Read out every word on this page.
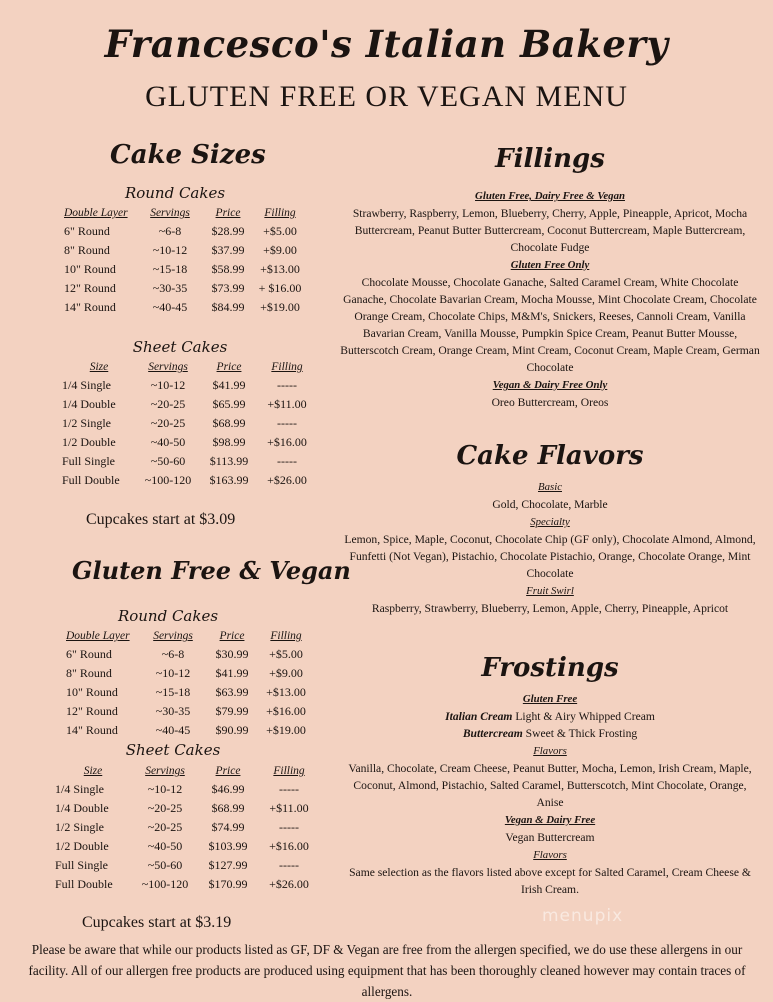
Francesco's Italian Bakery
GLUTEN FREE OR VEGAN MENU
Cake Sizes
Round Cakes
Double Layer	Servings	Price	Filling
6" Round	~6-8	$28.99	+$5.00
8" Round	~10-12	$37.99	+$9.00
10" Round	~15-18	$58.99	+$13.00
12" Round	~30-35	$73.99	+ $16.00
14" Round	~40-45	$84.99	+$19.00
Sheet Cakes
Size	Servings	Price	Filling
1/4 Single	~10-12	$41.99	-----
1/4 Double	~20-25	$65.99	+$11.00
1/2 Single	~20-25	$68.99	-----
1/2 Double	~40-50	$98.99	+$16.00
Full Single	~50-60	$113.99	-----
Full Double	~100-120	$163.99	+$26.00
Cupcakes start at $3.09
Gluten Free & Vegan
Round Cakes
Double Layer	Servings	Price	Filling
6" Round	~6-8	$30.99	+$5.00
8" Round	~10-12	$41.99	+$9.00
10" Round	~15-18	$63.99	+$13.00
12" Round	~30-35	$79.99	+$16.00
14" Round	~40-45	$90.99	+$19.00
Sheet Cakes
Size	Servings	Price	Filling
1/4 Single	~10-12	$46.99	-----
1/4 Double	~20-25	$68.99	+$11.00
1/2 Single	~20-25	$74.99	-----
1/2 Double	~40-50	$103.99	+$16.00
Full Single	~50-60	$127.99	-----
Full Double	~100-120	$170.99	+$26.00
Cupcakes start at $3.19
Fillings

Gluten Free, Dairy Free & Vegan

Strawberry, Raspberry, Lemon, Blueberry, Cherry, Apple, Pineapple, Apricot, Mocha Buttercream, Peanut Butter Buttercream, Coconut Buttercream, Maple Buttercream, Chocolate Fudge

Gluten Free Only

Chocolate Mousse, Chocolate Ganache, Salted Caramel Cream, White Chocolate Ganache, Chocolate Bavarian Cream, Mocha Mousse, Mint Chocolate Cream, Chocolate Orange Cream, Chocolate Chips, M&M's, Snickers, Reeses, Cannoli Cream, Vanilla Bavarian Cream, Vanilla Mousse, Pumpkin Spice Cream, Peanut Butter Mousse, Butterscotch Cream, Orange Cream, Mint Cream, Coconut Cream, Maple Cream, German Chocolate

Vegan & Dairy Free Only

Oreo Buttercream, Oreos

Cake Flavors

Basic

Gold, Chocolate, Marble

Specialty

Lemon, Spice, Maple, Coconut, Chocolate Chip (GF only), Chocolate Almond, Almond, Funfetti (Not Vegan), Pistachio, Chocolate Pistachio, Orange, Chocolate Orange, Mint Chocolate

Fruit Swirl

Raspberry, Strawberry, Blueberry, Lemon, Apple, Cherry, Pineapple, Apricot

Frostings

Gluten Free

Italian Cream Light & Airy Whipped Cream

Buttercream Sweet & Thick Frosting

Flavors

Vanilla, Chocolate, Cream Cheese, Peanut Butter, Mocha, Lemon, Irish Cream, Maple, Coconut, Almond, Pistachio, Salted Caramel, Butterscotch, Mint Chocolate, Orange, Anise

Vegan & Dairy Free

Vegan Buttercream

Flavors

Same selection as the flavors listed above except for Salted Caramel, Cream Cheese & Irish Cream.

menupix
Please be aware that while our products listed as GF, DF & Vegan are free from the allergen specified, we do use these allergens in our facility. All of our allergen free products are produced using equipment that has been thoroughly cleaned however may contain traces of allergens.
